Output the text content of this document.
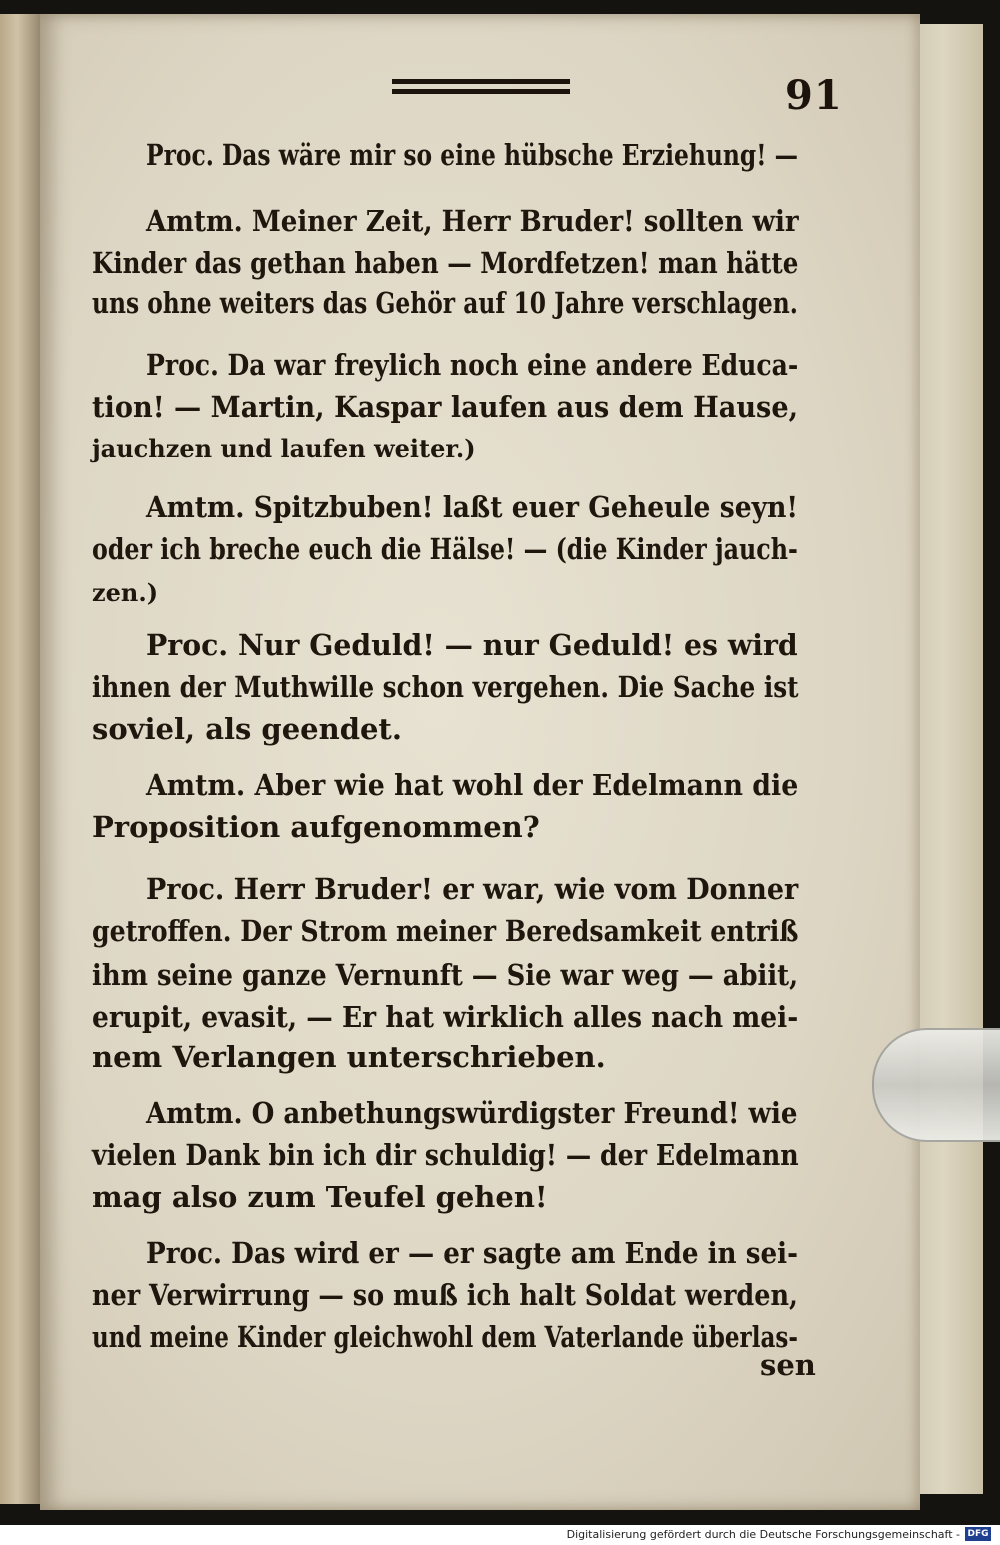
91
Proc. Das wäre mir so eine hübsche Erziehung! —
Amtm. Meiner Zeit, Herr Bruder! sollten wir
Kinder das gethan haben — Mordfetzen! man hätte
uns ohne weiters das Gehör auf 10 Jahre verschlagen.
Proc. Da war freylich noch eine andere Educa-
tion! — Martin, Kaspar laufen aus dem Hause,
jauchzen und laufen weiter.)
Amtm. Spitzbuben! laßt euer Geheule seyn!
oder ich breche euch die Hälse! — (die Kinder jauch-
zen.)
Proc. Nur Geduld! — nur Geduld! es wird
ihnen der Muthwille schon vergehen. Die Sache ist
soviel, als geendet.
Amtm. Aber wie hat wohl der Edelmann die
Proposition aufgenommen?
Proc. Herr Bruder! er war, wie vom Donner
getroffen. Der Strom meiner Beredsamkeit entriß
ihm seine ganze Vernunft — Sie war weg — abiit,
erupit, evasit, — Er hat wirklich alles nach mei-
nem Verlangen unterschrieben.
Amtm. O anbethungswürdigster Freund! wie
vielen Dank bin ich dir schuldig! — der Edelmann
mag also zum Teufel gehen!
Proc. Das wird er — er sagte am Ende in sei-
ner Verwirrung — so muß ich halt Soldat werden,
und meine Kinder gleichwohl dem Vaterlande überlas-
sen
Digitalisierung gefördert durch die Deutsche Forschungsgemeinschaft - DFG
